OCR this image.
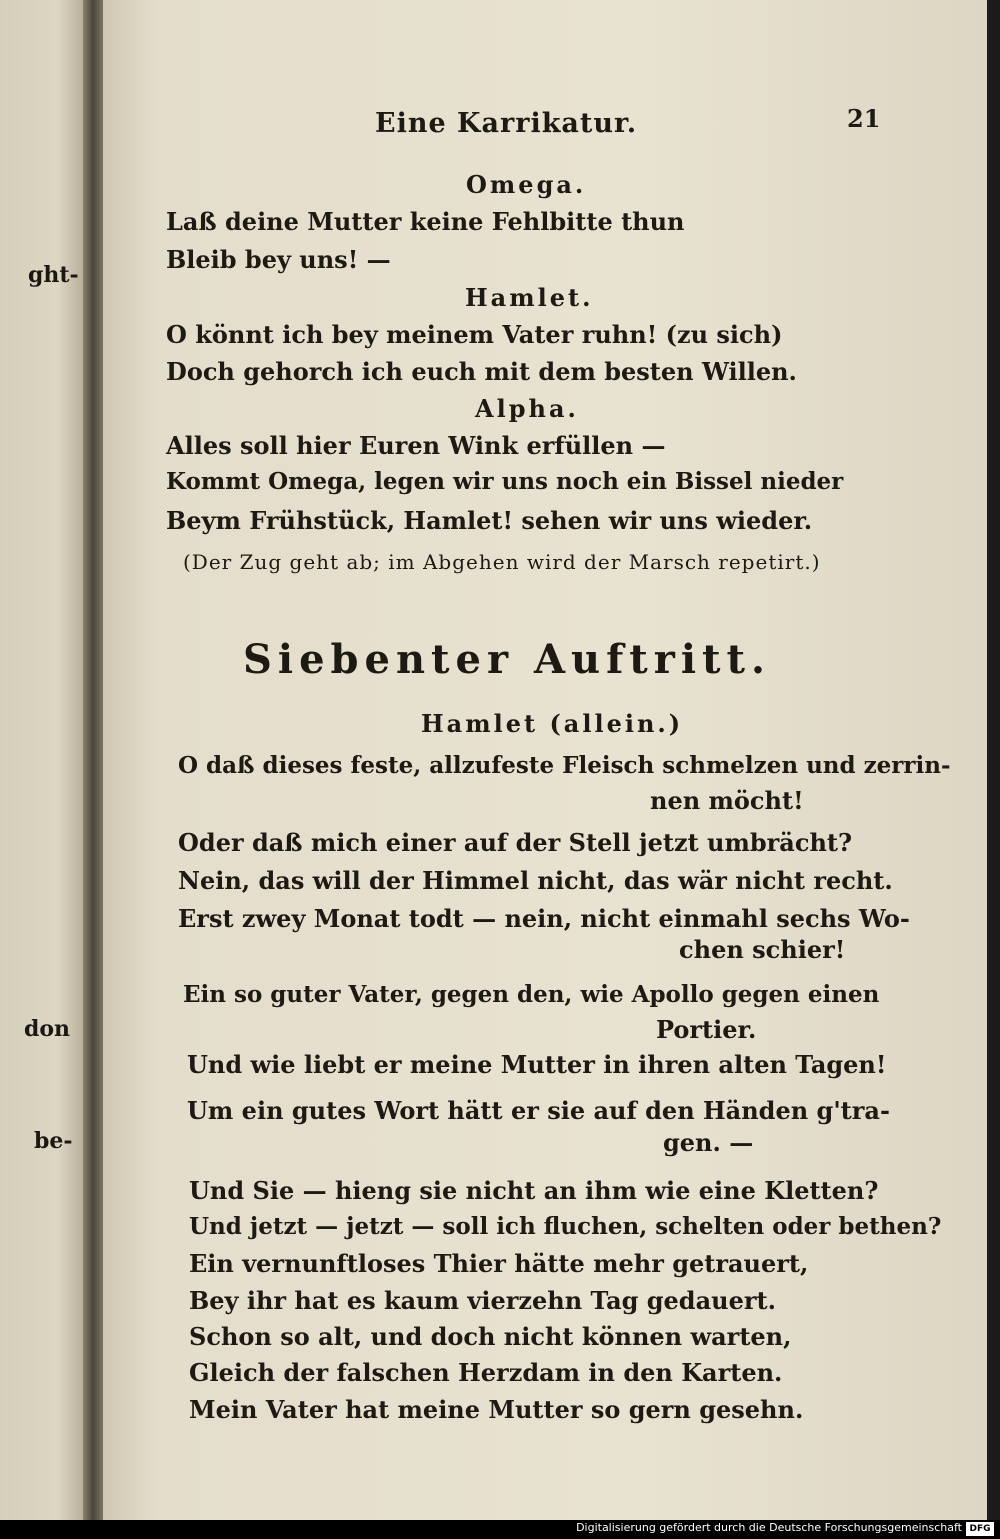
ght-
don
be-
Eine Karrikatur.	21
Omega.
Laß deine Mutter keine Fehlbitte thun
Bleib bey uns! —
Hamlet.
O könnt ich bey meinem Vater ruhn! (zu sich)
Doch gehorch ich euch mit dem besten Willen.
Alpha.
Alles soll hier Euren Wink erfüllen —
Kommt Omega, legen wir uns noch ein Bissel nieder
Beym Frühstück, Hamlet! sehen wir uns wieder.
(Der Zug geht ab; im Abgehen wird der Marsch repetirt.)
Siebenter Auftritt.
Hamlet (allein.)
O daß dieses feste, allzufeste Fleisch schmelzen und zerrin-
nen möcht!
Oder daß mich einer auf der Stell jetzt umbrächt?
Nein, das will der Himmel nicht, das wär nicht recht.
Erst zwey Monat todt — nein, nicht einmahl sechs Wo-
chen schier!
Ein so guter Vater, gegen den, wie Apollo gegen einen
Portier.
Und wie liebt er meine Mutter in ihren alten Tagen!
Um ein gutes Wort hätt er sie auf den Händen g'tra-
gen. —
Und Sie — hieng sie nicht an ihm wie eine Kletten?
Und jetzt — jetzt — soll ich fluchen, schelten oder bethen?
Ein vernunftloses Thier hätte mehr getrauert,
Bey ihr hat es kaum vierzehn Tag gedauert.
Schon so alt, und doch nicht können warten,
Gleich der falschen Herzdam in den Karten.
Mein Vater hat meine Mutter so gern gesehn.
Digitalisierung gefördert durch die Deutsche Forschungsgemeinschaft DFG
